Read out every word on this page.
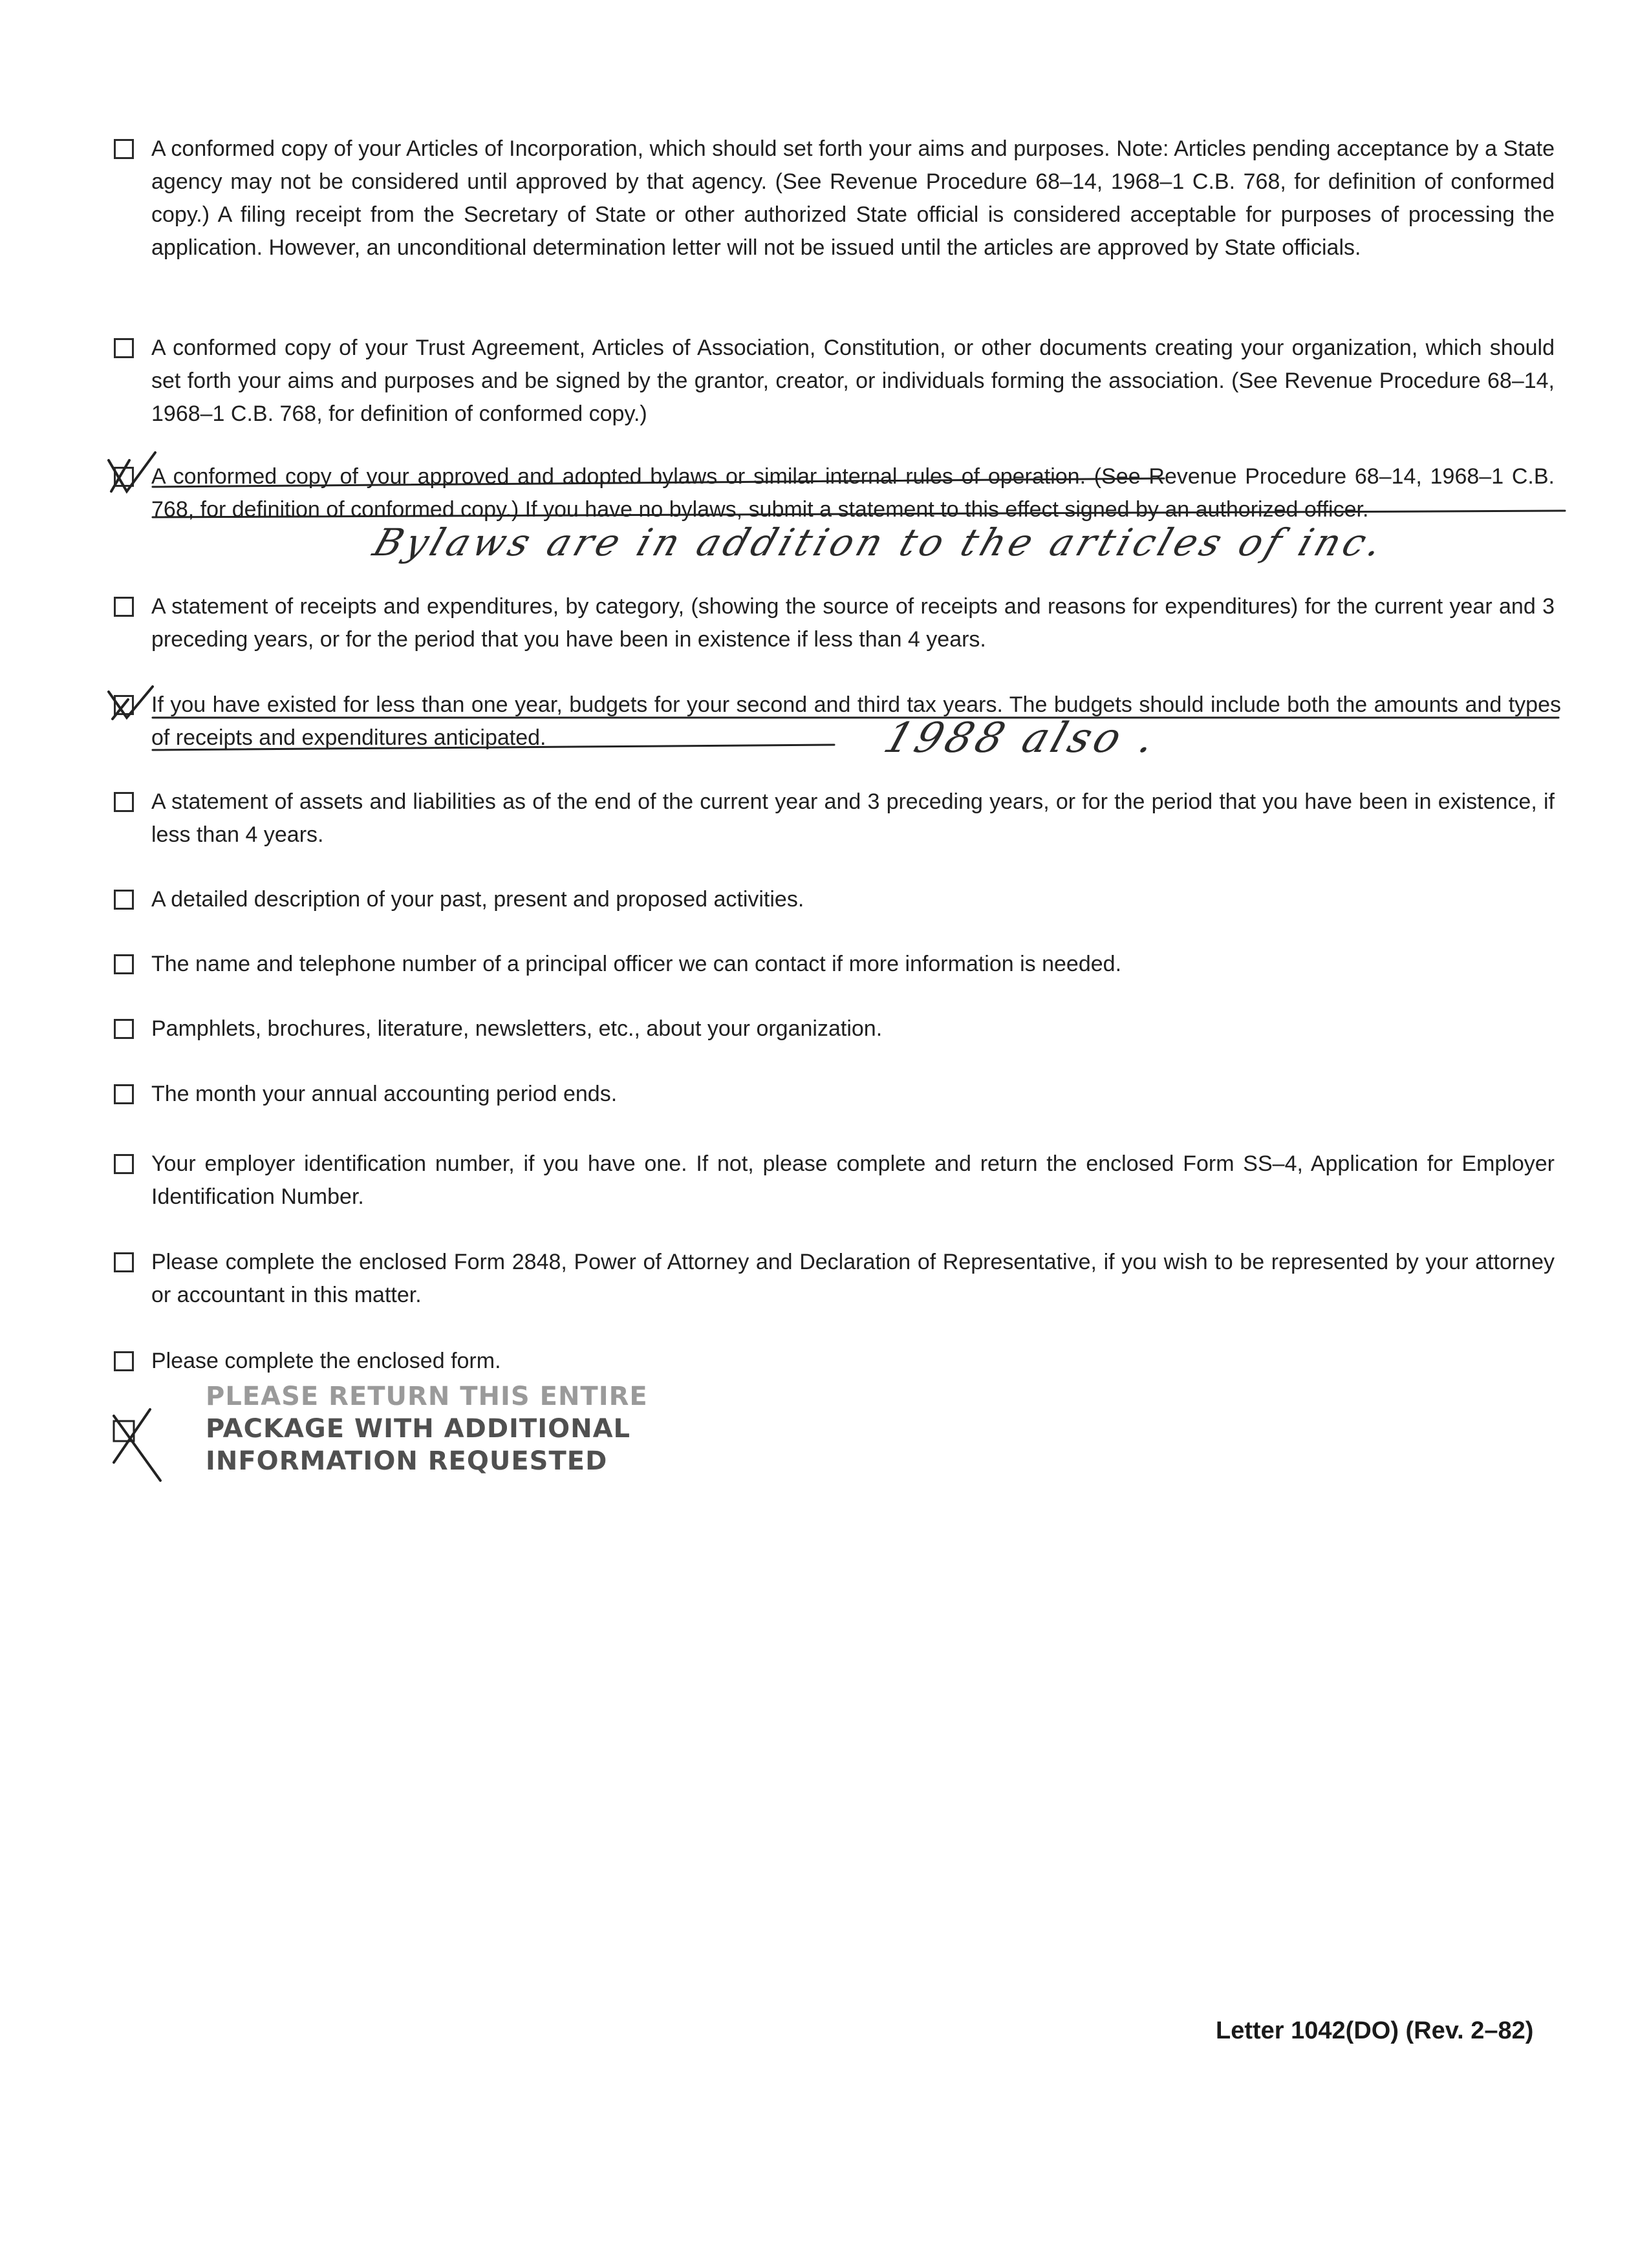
A conformed copy of your Articles of Incorporation, which should set forth your aims and purposes. Note: Articles pending acceptance by a State agency may not be considered until approved by that agency. (See Revenue Procedure 68–14, 1968–1 C.B. 768, for definition of conformed copy.) A filing receipt from the Secretary of State or other authorized State official is considered acceptable for purposes of processing the application. However, an unconditional determination letter will not be issued until the articles are approved by State officials.
A conformed copy of your Trust Agreement, Articles of Association, Constitution, or other documents creating your organization, which should set forth your aims and purposes and be signed by the grantor, creator, or individuals forming the association. (See Revenue Procedure 68–14, 1968–1 C.B. 768, for definition of conformed copy.)
A conformed copy of your approved and adopted bylaws or similar internal rules of operation. (See Revenue Procedure 68–14, 1968–1 C.B. 768, for definition of conformed copy.) If you have no bylaws, submit a statement to this effect signed by an authorized officer.
Bylaws are in addition to the articles of inc.
A statement of receipts and expenditures, by category, (showing the source of receipts and reasons for expenditures) for the current year and 3 preceding years, or for the period that you have been in existence if less than 4 years.
If you have existed for less than one year, budgets for your second and third tax years. The budgets should include both the amounts and types of receipts and expenditures anticipated.	1988 also .
A statement of assets and liabilities as of the end of the current year and 3 preceding years, or for the period that you have been in existence, if less than 4 years.
A detailed description of your past, present and proposed activities.
The name and telephone number of a principal officer we can contact if more information is needed.
Pamphlets, brochures, literature, newsletters, etc., about your organization.
The month your annual accounting period ends.
Your employer identification number, if you have one. If not, please complete and return the enclosed Form SS–4, Application for Employer Identification Number.
Please complete the enclosed Form 2848, Power of Attorney and Declaration of Representative, if you wish to be represented by your attorney or accountant in this matter.
Please complete the enclosed form.
PLEASE RETURN THIS ENTIRE
PACKAGE WITH ADDITIONAL
INFORMATION REQUESTED
Letter 1042(DO) (Rev. 2–82)
